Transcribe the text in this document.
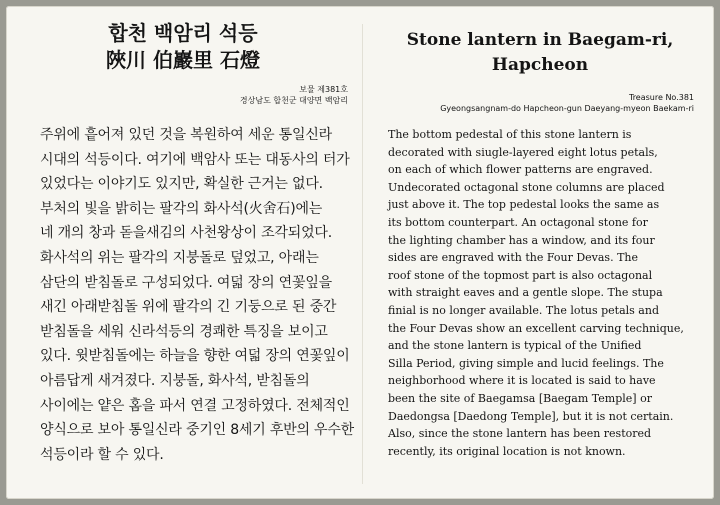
합천 백암리 석등
陜川 伯巖里 石燈
보물 제381호
경상남도 합천군 대양면 백암리
주위에 흩어져 있던 것을 복원하여 세운 통일신라
시대의 석등이다. 여기에 백암사 또는 대동사의 터가
있었다는 이야기도 있지만, 확실한 근거는 없다.
부처의 빛을 밝히는 팔각의 화사석(火舍石)에는
네 개의 창과 돋을새김의 사천왕상이 조각되었다.
화사석의 위는 팔각의 지붕돌로 덮었고, 아래는
삼단의 받침돌로 구성되었다. 여덟 장의 연꽃잎을
새긴 아래받침돌 위에 팔각의 긴 기둥으로 된 중간
받침돌을 세워 신라석등의 경쾌한 특징을 보이고
있다. 윗받침돌에는 하늘을 향한 여덟 장의 연꽃잎이
아름답게 새겨졌다. 지붕돌, 화사석, 받침돌의
사이에는 얕은 홈을 파서 연결 고정하였다. 전체적인
양식으로 보아 통일신라 중기인 8세기 후반의 우수한
석등이라 할 수 있다.
Stone lantern in Baegam-ri,
Hapcheon
Treasure No.381
Gyeongsangnam-do Hapcheon-gun Daeyang-myeon Baekam-ri
The bottom pedestal of this stone lantern is
decorated with siugle-layered eight lotus petals,
on each of which flower patterns are engraved.
Undecorated octagonal stone columns are placed
just above it. The top pedestal looks the same as
its bottom counterpart. An octagonal stone for
the lighting chamber has a window, and its four
sides are engraved with the Four Devas. The
roof stone of the topmost part is also octagonal
with straight eaves and a gentle slope. The stupa
finial is no longer available. The lotus petals and
the Four Devas show an excellent carving technique,
and the stone lantern is typical of the Unified
Silla Period, giving simple and lucid feelings. The
neighborhood where it is located is said to have
been the site of Baegamsa [Baegam Temple] or
Daedongsa [Daedong Temple], but it is not certain.
Also, since the stone lantern has been restored
recently, its original location is not known.
